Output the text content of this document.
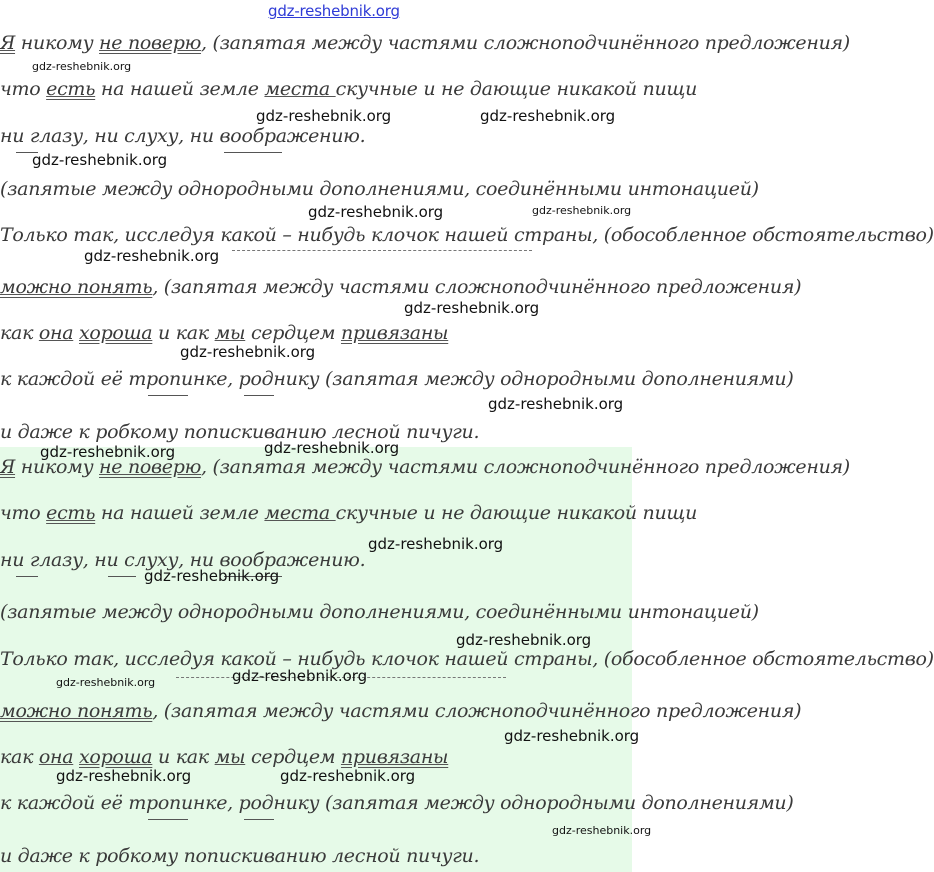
gdz-reshebnik.org
Я никому не поверю, (запятая между частями сложноподчинённого предложения)
что есть на нашей земле места скучные и не дающие никакой пищи
ни глазу, ни слуху, ни воображению.
(запятые между однородными дополнениями, соединёнными интонацией)
Только так, исследуя какой – нибудь клочок нашей страны, (обособленное обстоятельство)
можно понять, (запятая между частями сложноподчинённого предложения)
как она хороша и как мы сердцем привязаны
к каждой её тропинке, роднику (запятая между однородными дополнениями)
и даже к робкому попискиванию лесной пичуги.
Я никому не поверю, (запятая между частями сложноподчинённого предложения)
что есть на нашей земле места скучные и не дающие никакой пищи
ни глазу, ни слуху, ни воображению.
(запятые между однородными дополнениями, соединёнными интонацией)
Только так, исследуя какой – нибудь клочок нашей страны, (обособленное обстоятельство)
можно понять, (запятая между частями сложноподчинённого предложения)
как она хороша и как мы сердцем привязаны
к каждой её тропинке, роднику (запятая между однородными дополнениями)
и даже к робкому попискиванию лесной пичуги.
gdz-reshebnik.org
gdz-reshebnik.org	gdz-reshebnik.org
gdz-reshebnik.org
gdz-reshebnik.org	gdz-reshebnik.org
gdz-reshebnik.org
gdz-reshebnik.org
gdz-reshebnik.org
gdz-reshebnik.org
gdz-reshebnik.org
gdz-reshebnik.org
gdz-reshebnik.org
gdz-reshebnik.org
gdz-reshebnik.org
gdz-reshebnik.org
gdz-reshebnik.org
gdz-reshebnik.org
gdz-reshebnik.org	gdz-reshebnik.org
gdz-reshebnik.org
